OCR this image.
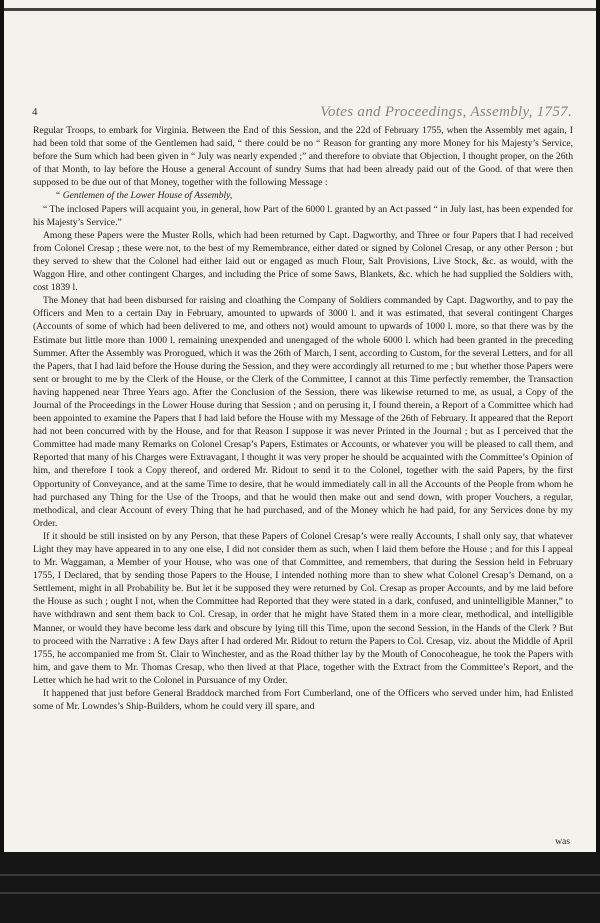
4	Votes and Proceedings, Assembly, 1757.

Regular Troops, to embark for Virginia. Between the End of this Session, and the 22d of February 1755, when the Assembly met again, I had been told that some of the Gentlemen had said, “ there could be no “ Reason for granting any more Money for his Majesty’s Service, before the Sum which had been given in “ July was nearly expended ;” and therefore to obviate that Objection, I thought proper, on the 26th of that Month, to lay before the House a general Account of sundry Sums that had been already paid out of the Good. of that were then supposed to be due out of that Money, together with the following Message :

“ Gentlemen of the Lower House of Assembly,

“ The inclosed Papers will acquaint you, in general, how Part of the 6000 l. granted by an Act passed “ in July last, has been expended for his Majesty’s Service.”

Among these Papers were the Muster Rolls, which had been returned by Capt. Dagworthy, and Three or four Papers that I had received from Colonel Cresap ; these were not, to the best of my Remembrance, either dated or signed by Colonel Cresap, or any other Person ; but they served to shew that the Colonel had either laid out or engaged as much Flour, Salt Provisions, Live Stock, &c. as would, with the Waggon Hire, and other contingent Charges, and including the Price of some Saws, Blankets, &c. which he had supplied the Soldiers with, cost 1839 l.

The Money that had been disbursed for raising and cloathing the Company of Soldiers commanded by Capt. Dagworthy, and to pay the Officers and Men to a certain Day in February, amounted to upwards of 3000 l. and it was estimated, that several contingent Charges (Accounts of some of which had been delivered to me, and others not) would amount to upwards of 1000 l. more, so that there was by the Estimate but little more than 1000 l. remaining unexpended and unengaged of the whole 6000 l. which had been granted in the preceding Summer. After the Assembly was Prorogued, which it was the 26th of March, I sent, according to Custom, for the several Letters, and for all the Papers, that I had laid before the House during the Session, and they were accordingly all returned to me ; but whether those Papers were sent or brought to me by the Clerk of the House, or the Clerk of the Committee, I cannot at this Time perfectly remember, the Transaction having happened near Three Years ago. After the Conclusion of the Session, there was likewise returned to me, as usual, a Copy of the Journal of the Proceedings in the Lower House during that Session ; and on perusing it, I found therein, a Report of a Committee which had been appointed to examine the Papers that I had laid before the House with my Message of the 26th of February. It appeared that the Report had not been concurred with by the House, and for that Reason I suppose it was never Printed in the Journal ; but as I perceived that the Committee had made many Remarks on Colonel Cresap’s Papers, Estimates or Accounts, or whatever you will be pleased to call them, and Reported that many of his Charges were Extravagant, I thought it was very proper he should be acquainted with the Committee’s Opinion of him, and therefore I took a Copy thereof, and ordered Mr. Ridout to send it to the Colonel, together with the said Papers, by the first Opportunity of Conveyance, and at the same Time to desire, that he would immediately call in all the Accounts of the People from whom he had purchased any Thing for the Use of the Troops, and that he would then make out and send down, with proper Vouchers, a regular, methodical, and clear Account of every Thing that he had purchased, and of the Money which he had paid, for any Services done by my Order.

If it should be still insisted on by any Person, that these Papers of Colonel Cresap’s were really Accounts, I shall only say, that whatever Light they may have appeared in to any one else, I did not consider them as such, when I laid them before the House ; and for this I appeal to Mr. Waggaman, a Member of your House, who was one of that Committee, and remembers, that during the Session held in February 1755, I Declared, that by sending those Papers to the House, I intended nothing more than to shew what Colonel Cresap’s Demand, on a Settlement, might in all Probability be. But let it be supposed they were returned by Col. Cresap as proper Accounts, and by me laid before the House as such ; ought I not, when the Committee had Reported that they were stated in a dark, confused, and unintelligible Manner,” to have withdrawn and sent them back to Col. Cresap, in order that he might have Stated them in a more clear, methodical, and intelligible Manner, or would they have become less dark and obscure by lying till this Time, upon the second Session, in the Hands of the Clerk ? But to proceed with the Narrative : A few Days after I had ordered Mr. Ridout to return the Papers to Col. Cresap, viz. about the Middle of April 1755, he accompanied me from St. Clair to Winchester, and as the Road thither lay by the Mouth of Conocoheague, he took the Papers with him, and gave them to Mr. Thomas Cresap, who then lived at that Place, together with the Extract from the Committee’s Report, and the Letter which he had writ to the Colonel in Pursuance of my Order.

It happened that just before General Braddock marched from Fort Cumberland, one of the Officers who served under him, had Enlisted some of Mr. Lowndes’s Ship-Builders, whom he could very ill spare, and

was
